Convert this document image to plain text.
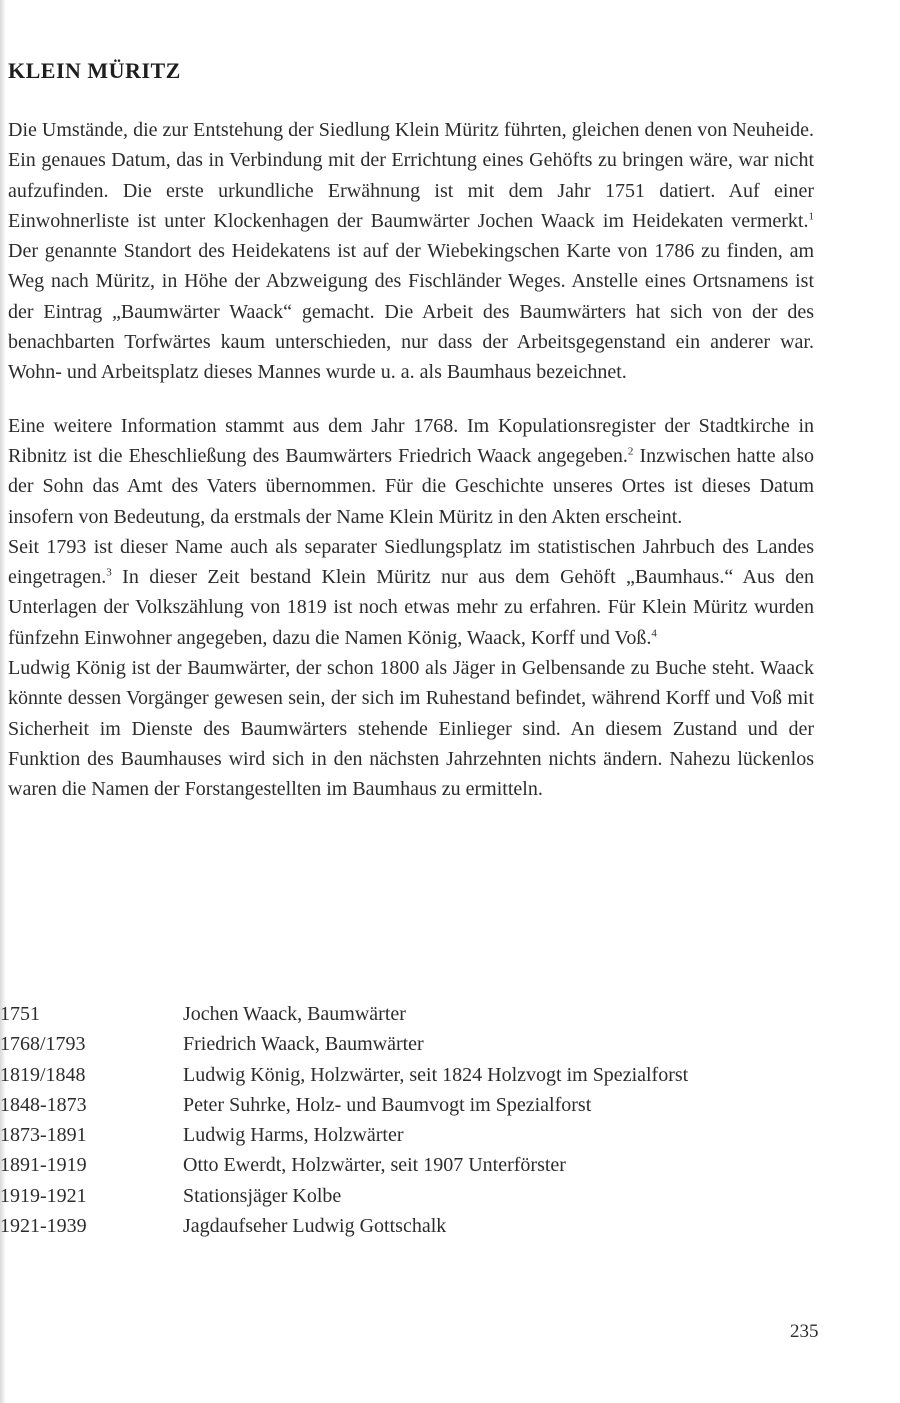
KLEIN MÜRITZ

Die Umstände, die zur Entstehung der Siedlung Klein Müritz führten, gleichen denen von Neuheide. Ein genaues Datum, das in Verbindung mit der Errichtung eines Gehöfts zu bringen wäre, war nicht aufzufinden. Die erste urkundliche Erwähnung ist mit dem Jahr 1751 datiert. Auf einer Einwohnerliste ist unter Klockenhagen der Baumwärter Jochen Waack im Heidekaten vermerkt.$^1$ Der genannte Standort des Heidekatens ist auf der Wiebekingschen Karte von 1786 zu finden, am Weg nach Müritz, in Höhe der Abzweigung des Fischländer Weges. Anstelle eines Ortsnamens ist der Eintrag „Baumwärter Waack“ gemacht. Die Arbeit des Baumwärters hat sich von der des benachbarten Torfwärtes kaum unterschieden, nur dass der Arbeitsgegenstand ein anderer war. Wohn- und Arbeitsplatz dieses Mannes wurde u. a. als Baumhaus bezeichnet.

Eine weitere Information stammt aus dem Jahr 1768. Im Kopulationsregister der Stadtkirche in Ribnitz ist die Eheschließung des Baumwärters Friedrich Waack angegeben.$^2$ Inzwischen hatte also der Sohn das Amt des Vaters übernommen. Für die Geschichte unseres Ortes ist dieses Datum insofern von Bedeutung, da erstmals der Name Klein Müritz in den Akten erscheint.

Seit 1793 ist dieser Name auch als separater Siedlungsplatz im statistischen Jahrbuch des Landes eingetragen.$^3$ In dieser Zeit bestand Klein Müritz nur aus dem Gehöft „Baumhaus.“ Aus den Unterlagen der Volkszählung von 1819 ist noch etwas mehr zu erfahren. Für Klein Müritz wurden fünfzehn Einwohner angegeben, dazu die Namen König, Waack, Korff und Voß.$^4$

Ludwig König ist der Baumwärter, der schon 1800 als Jäger in Gelbensande zu Buche steht. Waack könnte dessen Vorgänger gewesen sein, der sich im Ruhestand befindet, während Korff und Voß mit Sicherheit im Dienste des Baumwärters stehende Einlieger sind. An diesem Zustand und der Funktion des Baumhauses wird sich in den nächsten Jahrzehnten nichts ändern. Nahezu lückenlos waren die Namen der Forstangestellten im Baumhaus zu ermitteln.

1751	Jochen Waack, Baumwärter
1768/1793	Friedrich Waack, Baumwärter
1819/1848	Ludwig König, Holzwärter, seit 1824 Holzvogt im Spezialforst
1848-1873	Peter Suhrke, Holz- und Baumvogt im Spezialforst
1873-1891	Ludwig Harms, Holzwärter
1891-1919	Otto Ewerdt, Holzwärter, seit 1907 Unterförster
1919-1921	Stationsjäger Kolbe
1921-1939	Jagdaufseher Ludwig Gottschalk
235
